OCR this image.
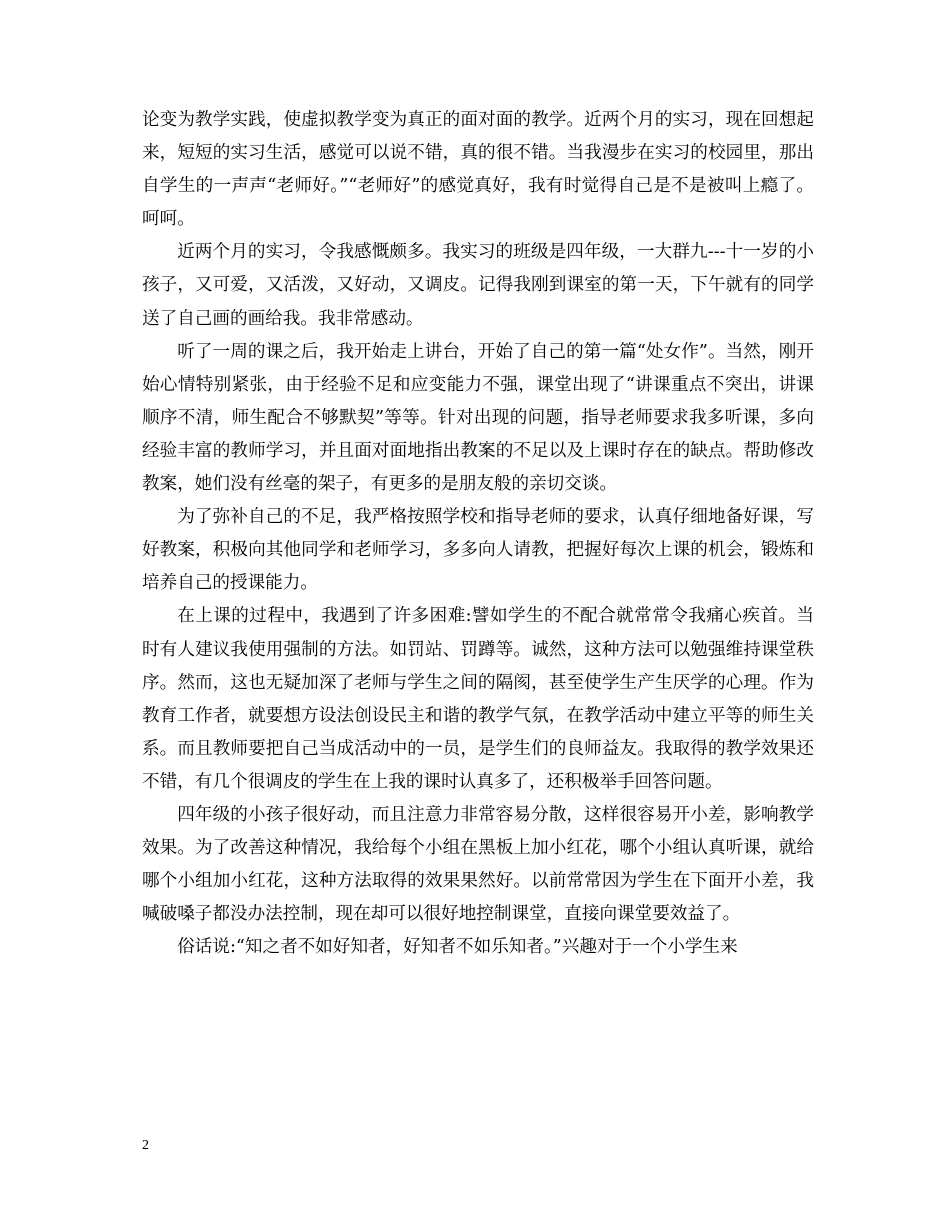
论变为教学实践，使虚拟教学变为真正的面对面的教学。近两个月的实习，现在回想起来，短短的实习生活，感觉可以说不错，真的很不错。当我漫步在实习的校园里，那出自学生的一声声“老师好。”“老师好”的感觉真好，我有时觉得自己是不是被叫上瘾了。呵呵。

近两个月的实习，令我感慨颇多。我实习的班级是四年级，一大群九---十一岁的小孩子，又可爱，又活泼，又好动，又调皮。记得我刚到课室的第一天，下午就有的同学送了自己画的画给我。我非常感动。

听了一周的课之后，我开始走上讲台，开始了自己的第一篇“处女作”。当然，刚开始心情特别紧张，由于经验不足和应变能力不强，课堂出现了“讲课重点不突出，讲课顺序不清，师生配合不够默契”等等。针对出现的问题，指导老师要求我多听课，多向经验丰富的教师学习，并且面对面地指出教案的不足以及上课时存在的缺点。帮助修改教案，她们没有丝毫的架子，有更多的是朋友般的亲切交谈。

为了弥补自己的不足，我严格按照学校和指导老师的要求，认真仔细地备好课，写好教案，积极向其他同学和老师学习，多多向人请教，把握好每次上课的机会，锻炼和培养自己的授课能力。

在上课的过程中，我遇到了许多困难:譬如学生的不配合就常常令我痛心疾首。当时有人建议我使用强制的方法。如罚站、罚蹲等。诚然，这种方法可以勉强维持课堂秩序。然而，这也无疑加深了老师与学生之间的隔阂，甚至使学生产生厌学的心理。作为教育工作者，就要想方设法创设民主和谐的教学气氛，在教学活动中建立平等的师生关系。而且教师要把自己当成活动中的一员，是学生们的良师益友。我取得的教学效果还不错，有几个很调皮的学生在上我的课时认真多了，还积极举手回答问题。

四年级的小孩子很好动，而且注意力非常容易分散，这样很容易开小差，影响教学效果。为了改善这种情况，我给每个小组在黑板上加小红花，哪个小组认真听课，就给哪个小组加小红花，这种方法取得的效果果然好。以前常常因为学生在下面开小差，我喊破嗓子都没办法控制，现在却可以很好地控制课堂，直接向课堂要效益了。

俗话说:“知之者不如好知者，好知者不如乐知者。”兴趣对于一个小学生来

2
